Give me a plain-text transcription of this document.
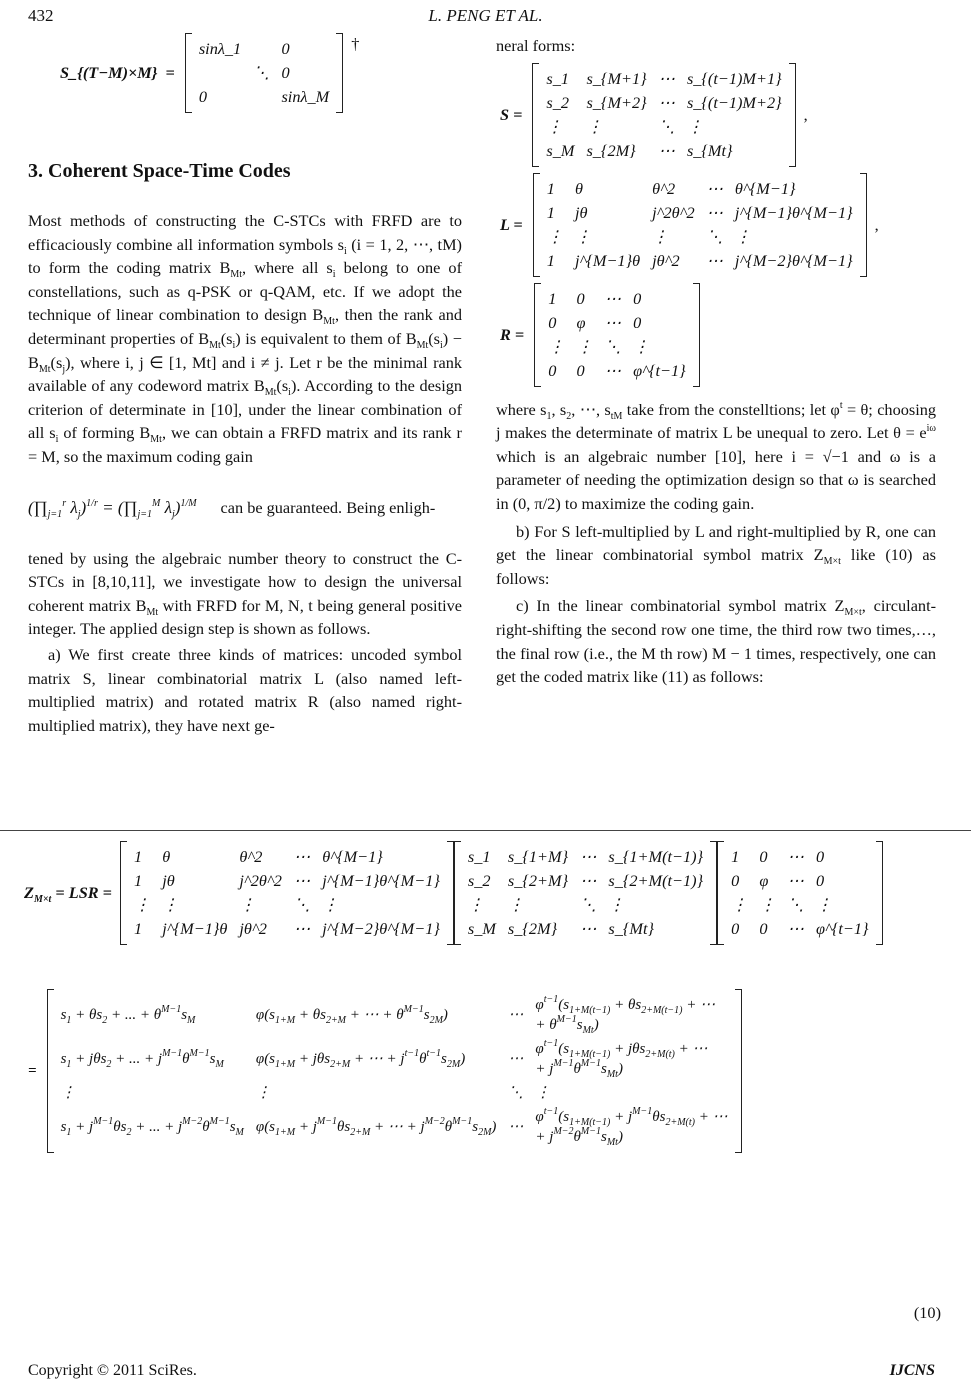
432	L. PENG ET AL.
S_{(T−M)×M}  =
sinλ_1		0
	⋱	0
0		sinλ_M
†
3. Coherent Space-Time Codes

Most methods of constructing the C-STCs with FRFD are to efficaciously combine all information symbols $s_i$ (i = 1, 2, ⋯, tM) to form the coding matrix $B_{Mt}$, where all $s_i$ belong to one of constellations, such as q-PSK or q-QAM, etc. If we adopt the technique of linear combination to design $B_{Mt}$, then the rank and determinant properties of $B_{Mt}(s_i)$ is equivalent to them of $B_{Mt}(s_i) - B_{Mt}(s_j)$, where i, j ∈ [1, Mt] and i ≠ j. Let r be the minimal rank available of any codeword matrix $B_{Mt}(s_i)$. According to the design criterion of determinate in [10], under the linear combination of all $s_i$ of forming $B_{Mt}$, we can obtain a FRFD matrix and its rank r = M, so the maximum coding gain

($\prod_{j=1}^r$ $\lambda_j)^{1/r}$ = ($\prod_{j=1}^M$ $\lambda_j)^{1/M}$ can be guaranteed. Being enligh-

tened by using the algebraic number theory to construct the C-STCs in [8,10,11], we investigate how to design the universal coherent matrix $B_{Mt}$ with FRFD for M, N, t being general positive integer. The applied design step is shown as follows.

a) We first create three kinds of matrices: uncoded symbol matrix S, linear combinatorial matrix L (also named left-multiplied matrix) and rotated matrix R (also named right-multiplied matrix), they have next ge-

neral forms:

S =
s_1	s_{M+1}	⋯	s_{(t−1)M+1}
s_2	s_{M+2}	⋯	s_{(t−1)M+2}
⋮	⋮	⋱	⋮
s_M	s_{2M}	⋯	s_{Mt}
,
L =
1	θ	θ^2	⋯	θ^{M−1}
1	jθ	j^2θ^2	⋯	j^{M−1}θ^{M−1}
⋮	⋮	⋮	⋱	⋮
1	j^{M−1}θ	jθ^2	⋯	j^{M−2}θ^{M−1}
,
R =
1	0	⋯	0
0	φ	⋯	0
⋮	⋮	⋱	⋮
0	0	⋯	φ^{t−1}

where $s_1$, $s_2$, ⋯, $s_{tM}$ take from the constelltions; let $\varphi^t = \theta$; choosing j makes the determinate of matrix L be unequal to zero. Let $\theta = e^{i\omega}$ which is an algebraic number [10], here i = √−1 and ω is a parameter of needing the optimization design so that ω is searched in (0, π/2) to maximize the coding gain.

b) For S left-multiplied by L and right-multiplied by R, one can get the linear combinatorial symbol matrix $Z_{M\times t}$ like (10) as follows:

c) In the linear combinatorial symbol matrix $Z_{M\times t}$, circulant-right-shifting the second row one time, the third row two times,…, the final row (i.e., the M th row) M − 1 times, respectively, one can get the coded matrix like (11) as follows:

$Z_{M\times t}$ = LSR =
1	θ	θ^2	⋯	θ^{M−1}
1	jθ	j^2θ^2	⋯	j^{M−1}θ^{M−1}
⋮	⋮	⋮	⋱	⋮
1	j^{M−1}θ	jθ^2	⋯	j^{M−2}θ^{M−1}
s_1	s_{1+M}	⋯	s_{1+M(t−1)}
s_2	s_{2+M}	⋯	s_{2+M(t−1)}
⋮	⋮	⋱	⋮
s_M	s_{2M}	⋯	s_{Mt}
1	0	⋯	0
0	φ	⋯	0
⋮	⋮	⋱	⋮
0	0	⋯	φ^{t−1}
=
$s_1 + \theta s_2$ + ... + $\theta^{M-1}s_M$	$\varphi(s_{1+M} + \theta s_{2+M}$ + ⋯ + $\theta^{M-1}s_{2M}$)	⋯	$\varphi^{t-1}(s_{1+M(t-1)} + \theta s_{2+M(t-1)}$ + ⋯
+ $\theta^{M-1}s_{Mt}$)
$s_1 + j\theta s_2$ + ... + $j^{M-1}\theta^{M-1}s_M$	$\varphi(s_{1+M} + j\theta s_{2+M}$ + ⋯ + $j^{t-1}\theta^{t-1}s_{2M}$)	⋯	$\varphi^{t-1}(s_{1+M(t-1)} + j\theta s_{2+M(t)}$ + ⋯
+ $j^{M-1}\theta^{M-1}s_{Mt}$)
⋮	⋮	⋱	⋮
$s_1 + j^{M-1}\theta s_2$ + ... + $j^{M-2}\theta^{M-1}s_M$	$\varphi(s_{1+M} + j^{M-1}\theta s_{2+M}$ + ⋯ + $j^{M-2}\theta^{M-1}s_{2M}$)	⋯	$\varphi^{t-1}(s_{1+M(t-1)} + j^{M-1}\theta s_{2+M(t)}$ + ⋯
+ $j^{M-2}\theta^{M-1}s_{Mt}$)
(10)
Copyright © 2011 SciRes.	IJCNS
